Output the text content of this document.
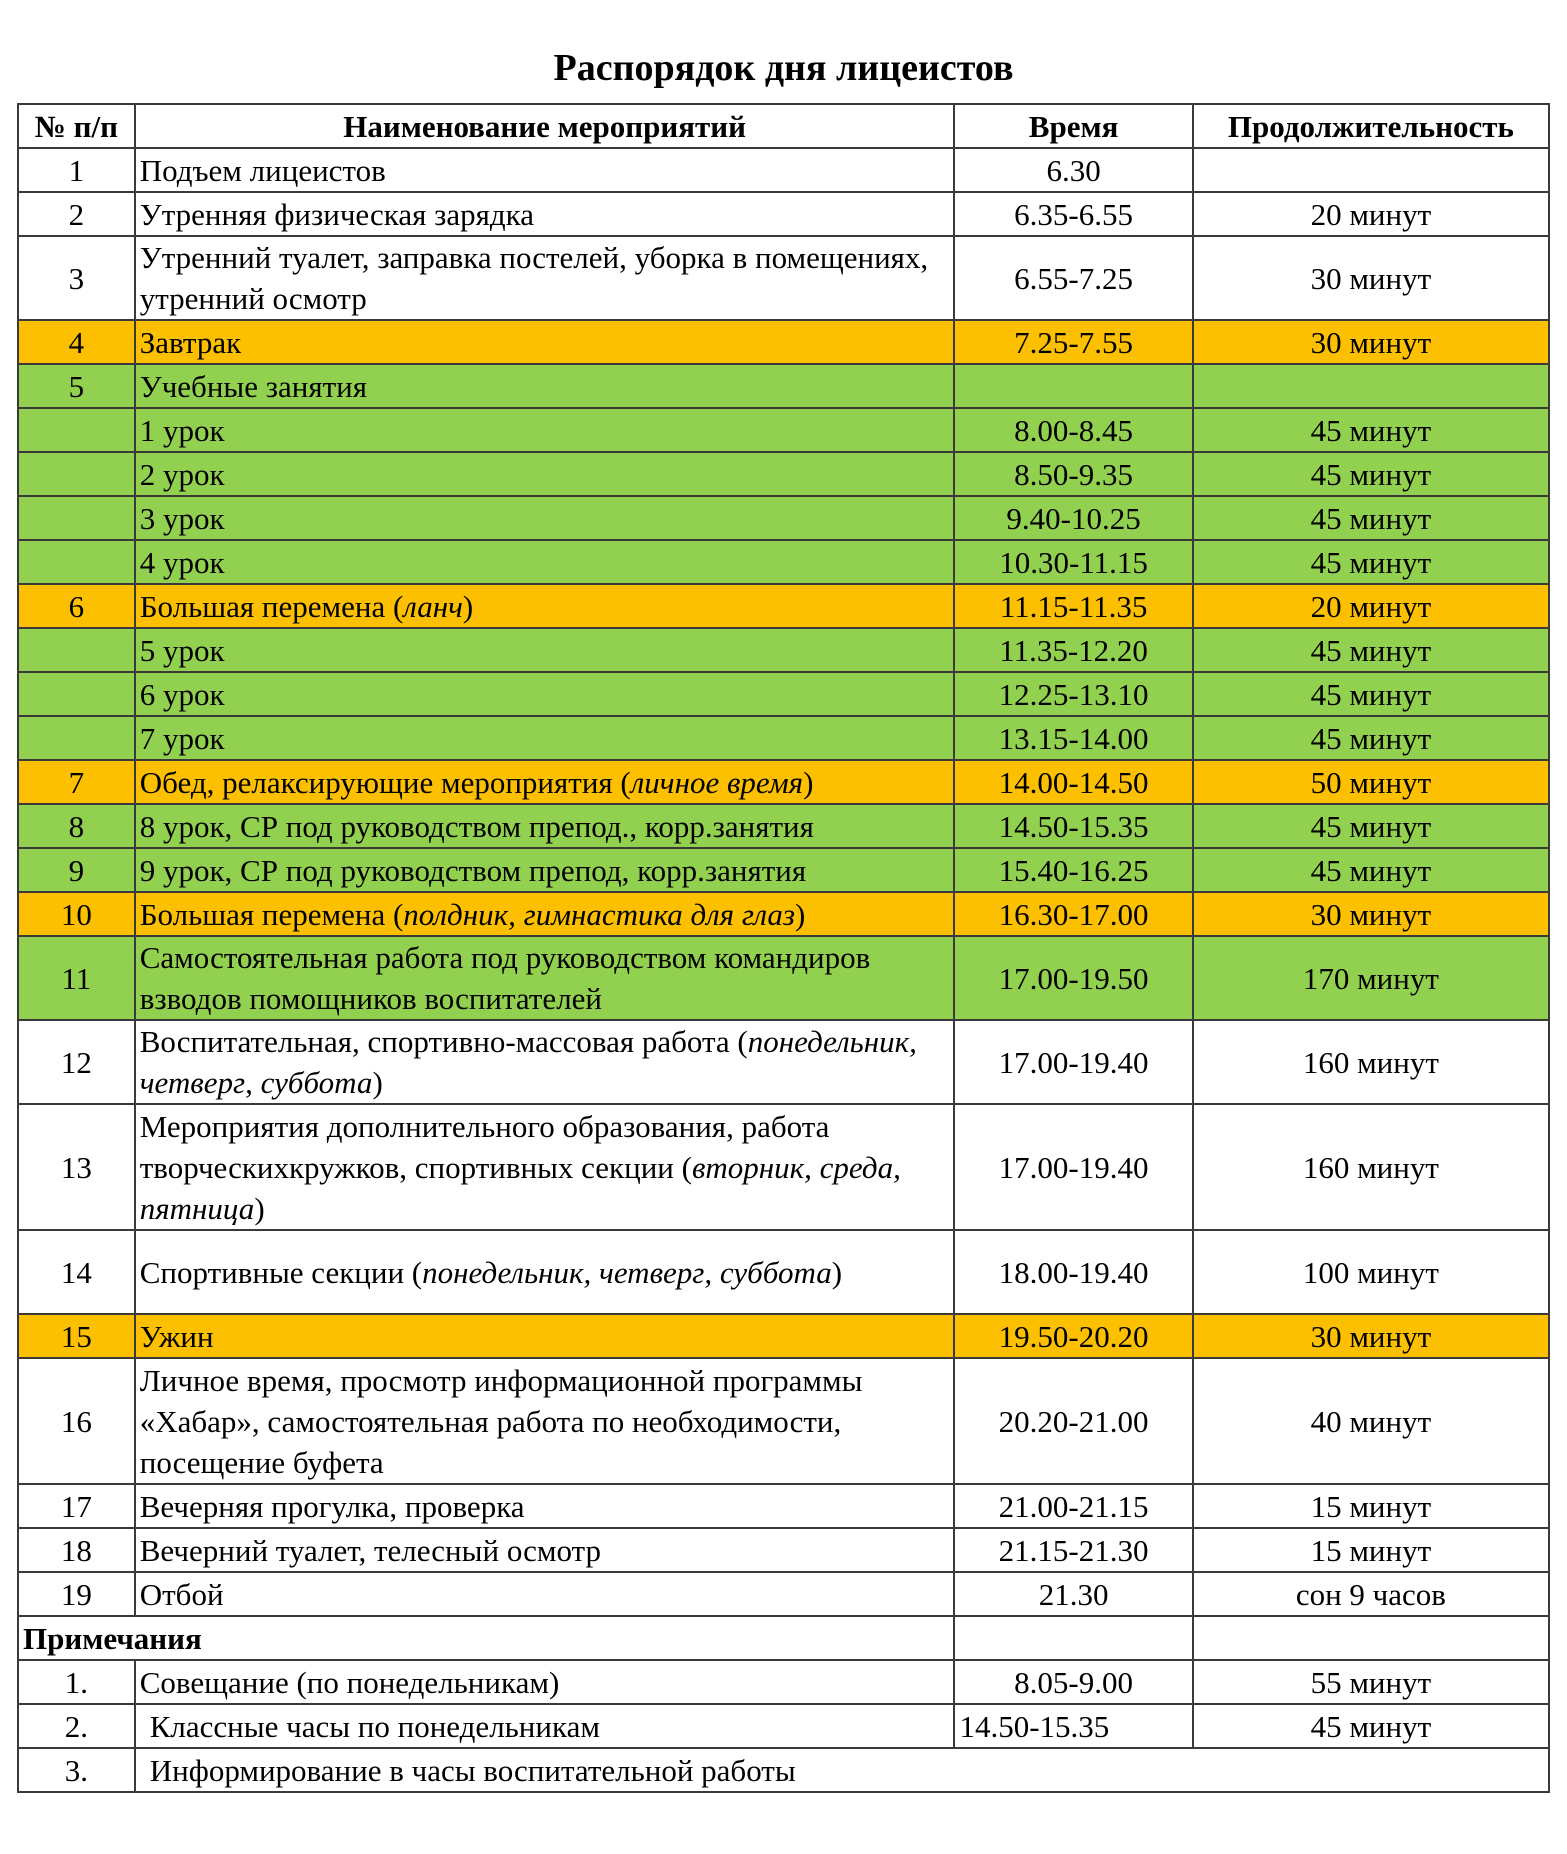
Распорядок дня лицеистов
№ п/п	Наименование мероприятий	Время	Продолжительность
1	Подъем лицеистов	6.30	
2	Утренняя физическая зарядка	6.35-6.55	20 минут
3	Утренний туалет, заправка постелей, уборка в помещениях, утренний осмотр	6.55-7.25	30 минут
4	Завтрак	7.25-7.55	30 минут
5	Учебные занятия		
	1 урок	8.00-8.45	45 минут
	2 урок	8.50-9.35	45 минут
	3 урок	9.40-10.25	45 минут
	4 урок	10.30-11.15	45 минут
6	Большая перемена (ланч)	11.15-11.35	20 минут
	5 урок	11.35-12.20	45 минут
	6 урок	12.25-13.10	45 минут
	7 урок	13.15-14.00	45 минут
7	Обед, релаксирующие мероприятия (личное время)	14.00-14.50	50 минут
8	8 урок, СР под руководством препод., корр.занятия	14.50-15.35	45 минут
9	9 урок, СР под руководством препод, корр.занятия	15.40-16.25	45 минут
10	Большая перемена (полдник, гимнастика для глаз)	16.30-17.00	30 минут
11	Самостоятельная работа под руководством командиров взводов помощников воспитателей	17.00-19.50	170 минут
12	Воспитательная, спортивно-массовая работа (понедельник, четверг, суббота)	17.00-19.40	160 минут
13	Мероприятия дополнительного образования, работа творческихкружков, спортивных секции (вторник, среда, пятница)	17.00-19.40	160 минут
14	Спортивные секции (понедельник, четверг, суббота)	18.00-19.40	100 минут
15	Ужин	19.50-20.20	30 минут
16	Личное время, просмотр информационной программы «Хабар», самостоятельная работа по необходимости, посещение буфета	20.20-21.00	40 минут
17	Вечерняя прогулка, проверка	21.00-21.15	15 минут
18	Вечерний туалет, телесный осмотр	21.15-21.30	15 минут
19	Отбой	21.30	сон 9 часов
Примечания			
1.	Совещание (по понедельникам)	8.05-9.00	55 минут
2.	Классные часы по понедельникам	14.50-15.35	45 минут
3.	Информирование в часы воспитательной работы		
